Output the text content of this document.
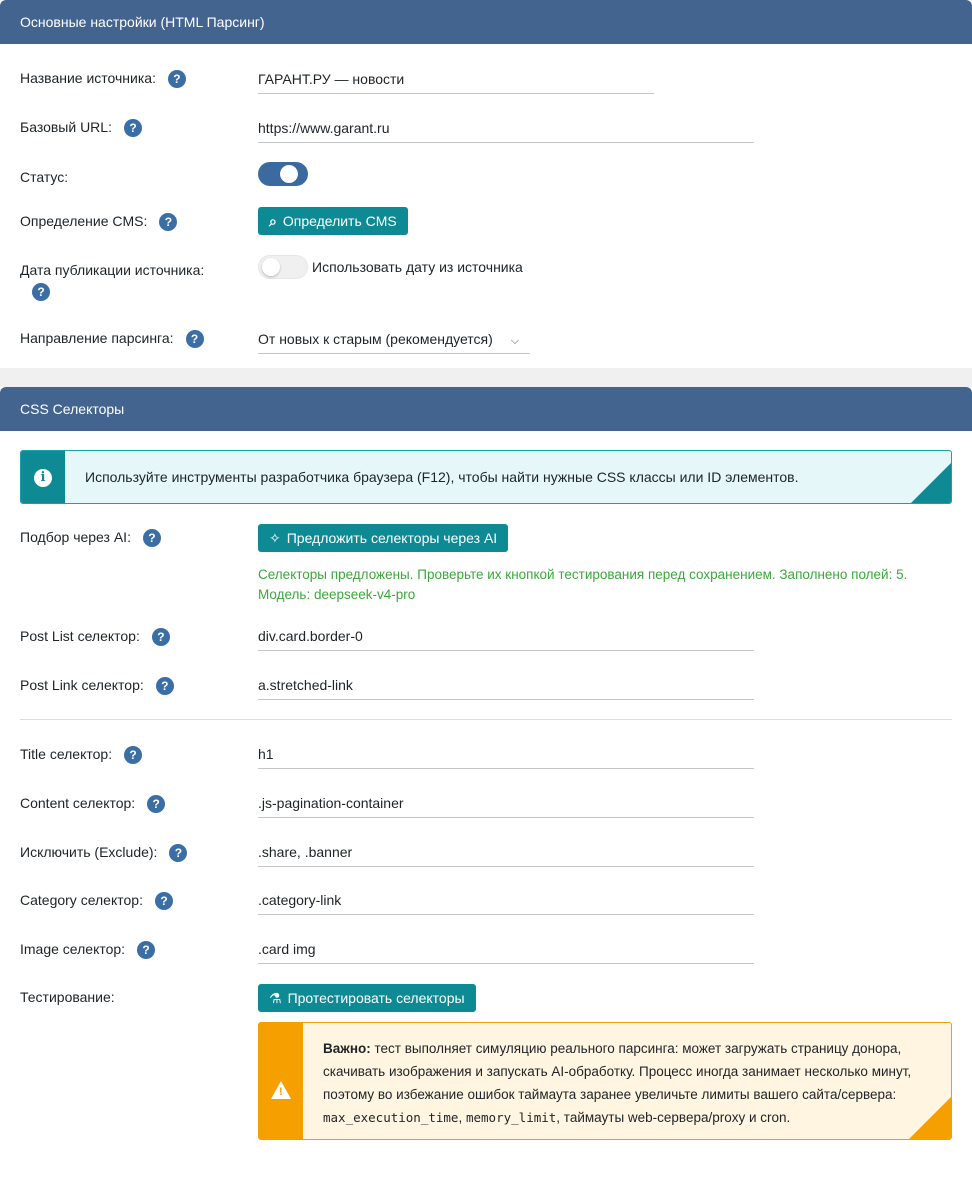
Основные настройки (HTML Парсинг)
Название источника: ?	ГАРАНТ.РУ — новости
Базовый URL: ?	https://www.garant.ru
Статус:
Определение CMS: ?	⌕ Определить CMS
Дата публикации источника:
?
Использовать дату из источника
Направление парсинга: ?	От новых к старым (рекомендуется) ⌵
CSS Селекторы
i	Используйте инструменты разработчика браузера (F12), чтобы найти нужные CSS классы или ID элементов.
Подбор через AI: ?	✧ Предложить селекторы через AI
Селекторы предложены. Проверьте их кнопкой тестирования перед сохранением. Заполнено полей: 5.
Модель: deepseek-v4-pro
Post List селектор: ?	div.card.border-0
Post Link селектор: ?	a.stretched-link
Title селектор: ?	h1
Content селектор: ?	.js-pagination-container
Исключить (Exclude): ?	.share, .banner
Category селектор: ?	.category-link
Image селектор: ?	.card img
Тестирование:	⚗ Протестировать селекторы
!
Важно: тест выполняет симуляцию реального парсинга: может загружать страницу донора, скачивать изображения и запускать AI-обработку. Процесс иногда занимает несколько минут, поэтому во избежание ошибок таймаута заранее увеличьте лимиты вашего сайта/сервера: max_execution_time, memory_limit, таймауты web-сервера/proxy и cron.
